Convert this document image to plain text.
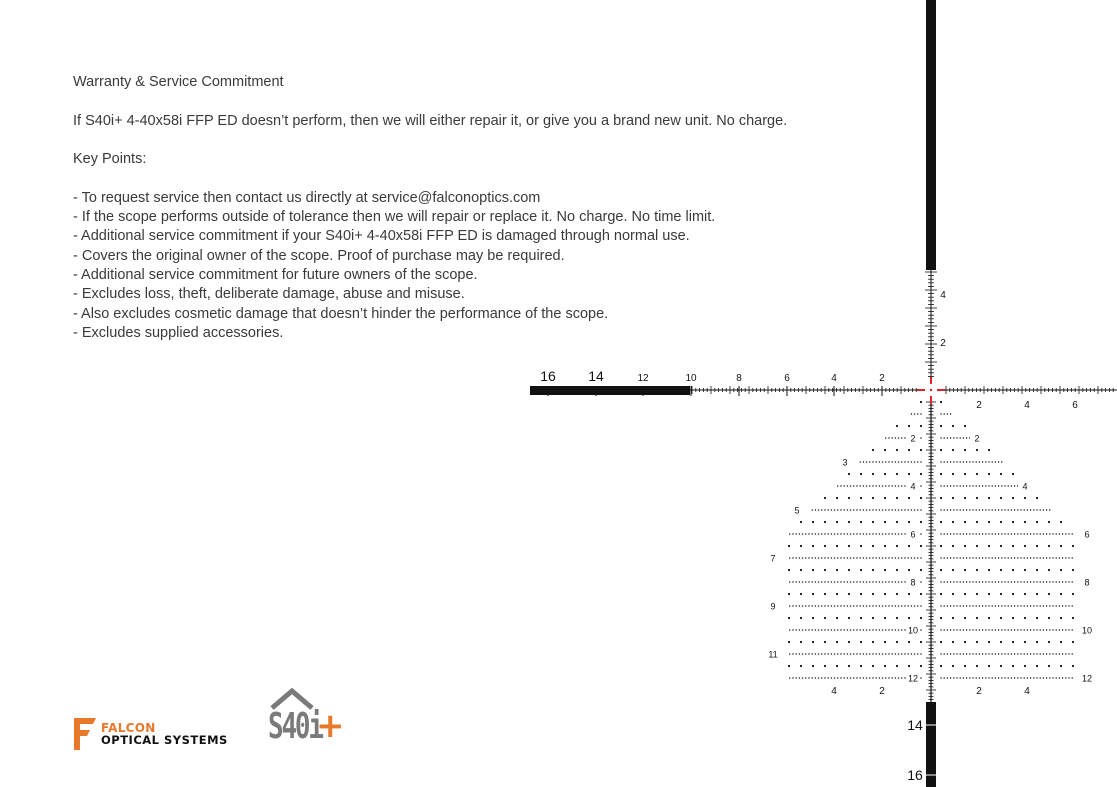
Warranty & Service Commitment

If S40i+ 4-40x58i FFP ED doesn’t perform, then we will either repair it, or give you a brand new unit. No charge.

Key Points:

- To request service then contact us directly at service@falconoptics.com

- If the scope performs outside of tolerance then we will repair or replace it. No charge. No time limit.

- Additional service commitment if your S40i+ 4-40x58i FFP ED is damaged through normal use.

- Covers the original owner of the scope. Proof of purchase may be required.

- Additional service commitment for future owners of the scope.

- Excludes loss, theft, deliberate damage, abuse and misuse.

- Also excludes cosmetic damage that doesn’t hinder the performance of the scope.

- Excludes supplied accessories.

16 14	12	10	8	6	4	2
2	4	6
4
2
2	2
3
4	4
5
6	6
7
8	8
9
10	10
11
12	12
4	2	2	4
14
16
FALCON
OPTICAL SYSTEMS S40i
+
